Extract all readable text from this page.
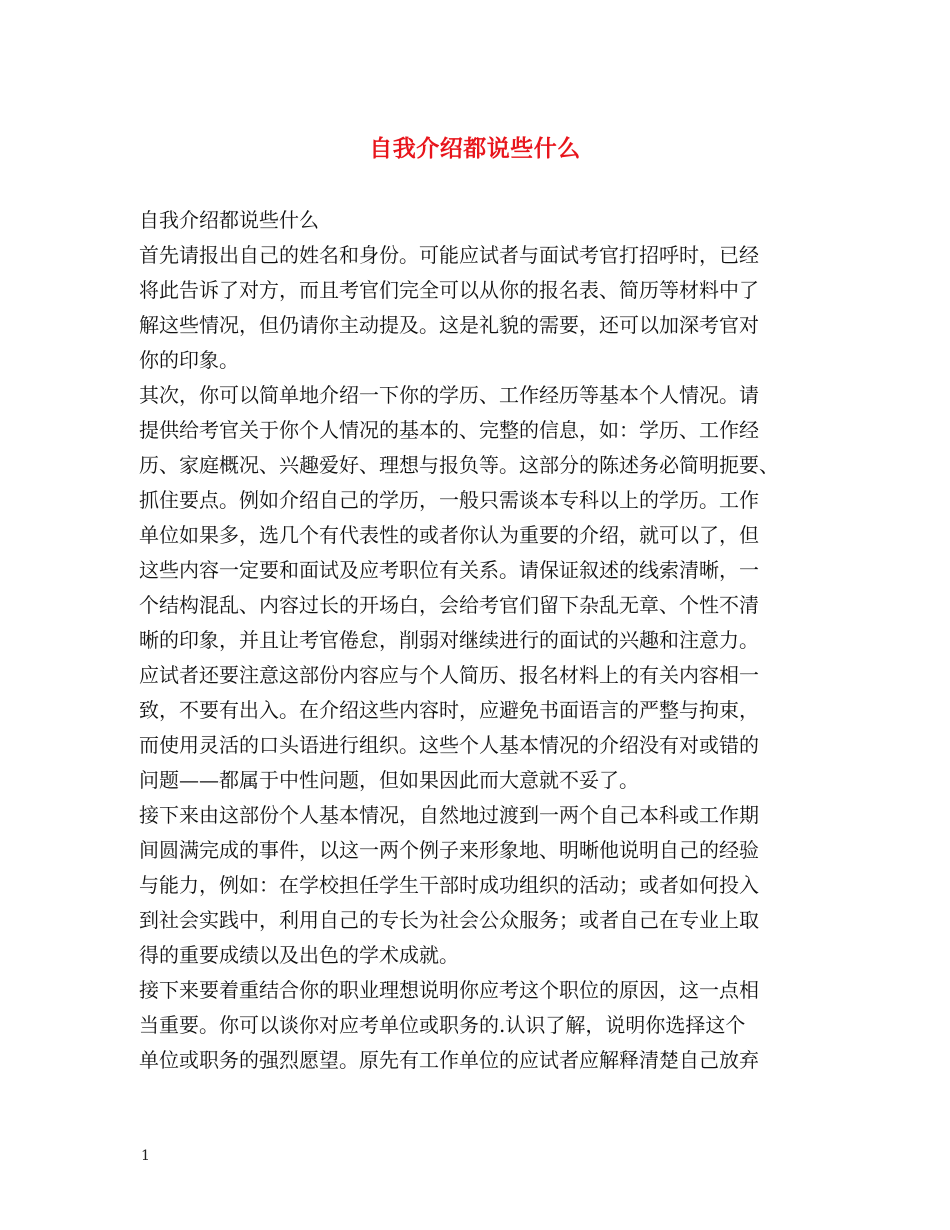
自我介绍都说些什么
自我介绍都说些什么
首先请报出自己的姓名和身份。可能应试者与面试考官打招呼时，已经
将此告诉了对方，而且考官们完全可以从你的报名表、简历等材料中了
解这些情况，但仍请你主动提及。这是礼貌的需要，还可以加深考官对
你的印象。
其次，你可以简单地介绍一下你的学历、工作经历等基本个人情况。请
提供给考官关于你个人情况的基本的、完整的信息，如：学历、工作经
历、家庭概况、兴趣爱好、理想与报负等。这部分的陈述务必简明扼要、
抓住要点。例如介绍自己的学历，一般只需谈本专科以上的学历。工作
单位如果多，选几个有代表性的或者你认为重要的介绍，就可以了，但
这些内容一定要和面试及应考职位有关系。请保证叙述的线索清晰，一
个结构混乱、内容过长的开场白，会给考官们留下杂乱无章、个性不清
晰的印象，并且让考官倦怠，削弱对继续进行的面试的兴趣和注意力。
应试者还要注意这部份内容应与个人简历、报名材料上的有关内容相一
致，不要有出入。在介绍这些内容时，应避免书面语言的严整与拘束，
而使用灵活的口头语进行组织。这些个人基本情况的介绍没有对或错的
问题——都属于中性问题，但如果因此而大意就不妥了。
接下来由这部份个人基本情况，自然地过渡到一两个自己本科或工作期
间圆满完成的事件，以这一两个例子来形象地、明晰他说明自己的经验
与能力，例如：在学校担任学生干部时成功组织的活动；或者如何投入
到社会实践中，利用自己的专长为社会公众服务；或者自己在专业上取
得的重要成绩以及出色的学术成就。
接下来要着重结合你的职业理想说明你应考这个职位的原因，这一点相
当重要。你可以谈你对应考单位或职务的.认识了解，说明你选择这个
单位或职务的强烈愿望。原先有工作单位的应试者应解释清楚自己放弃
1
